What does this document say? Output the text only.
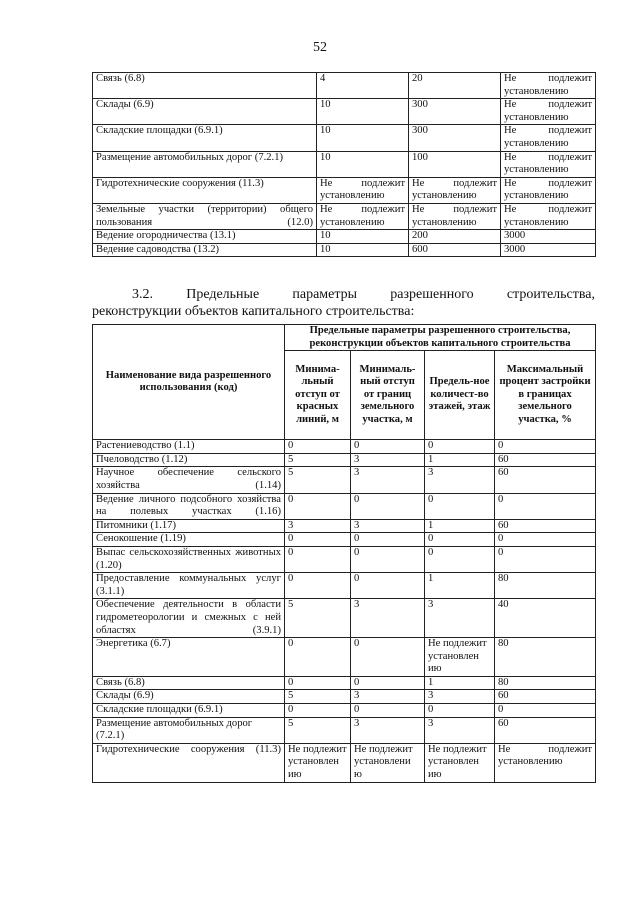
52
Связь (6.8)	4	20	Не подлежит установлению
Склады (6.9)	10	300	Не подлежит установлению
Складские площадки (6.9.1)	10	300	Не подлежит установлению
Размещение автомобильных дорог (7.2.1)	10	100	Не подлежит установлению
Гидротехнические сооружения (11.3)	Не подлежит установлению	Не подлежит установлению	Не подлежит установлению
Земельные участки (территории) общего пользования (12.0)	Не подлежит установлению	Не подлежит установлению	Не подлежит установлению
Ведение огородничества (13.1)	10	200	3000
Ведение садоводства (13.2)	10	600	3000
3.2. Предельные параметры разрешенного строительства,
реконструкции объектов капитального строительства:
Наименование вида разрешенного использования (код)	Предельные параметры разрешенного строительства, реконструкции объектов капитального строительства			
	Минима-льный отступ от красных линий, м	Минималь-ный отступ от границ земельного участка, м	Предель-ное количест-во этажей, этаж	Максимальный процент застройки в границах земельного участка, %
Растениеводство (1.1)	0	0	0	0
Пчеловодство (1.12)	5	3	1	60
Научное обеспечение сельского хозяйства (1.14)	5	3	3	60
Ведение личного подсобного хозяйства на полевых участках (1.16)	0	0	0	0
Питомники (1.17)	3	3	1	60
Сенокошение (1.19)	0	0	0	0
Выпас сельскохозяйственных животных (1.20)	0	0	0	0
Предоставление коммунальных услуг (3.1.1)	0	0	1	80
Обеспечение деятельности в области гидрометеорологии и смежных с ней областях (3.9.1)	5	3	3	40
Энергетика (6.7)	0	0	Не подлежит установлен ию	80
Связь (6.8)	0	0	1	80
Склады (6.9)	5	3	3	60
Складские площадки (6.9.1)	0	0	0	0
Размещение автомобильных дорог (7.2.1)	5	3	3	60
Гидротехнические сооружения (11.3)	Не подлежит установлен ию	Не подлежит установлени ю	Не подлежит установлен ию	Не подлежит установлению
